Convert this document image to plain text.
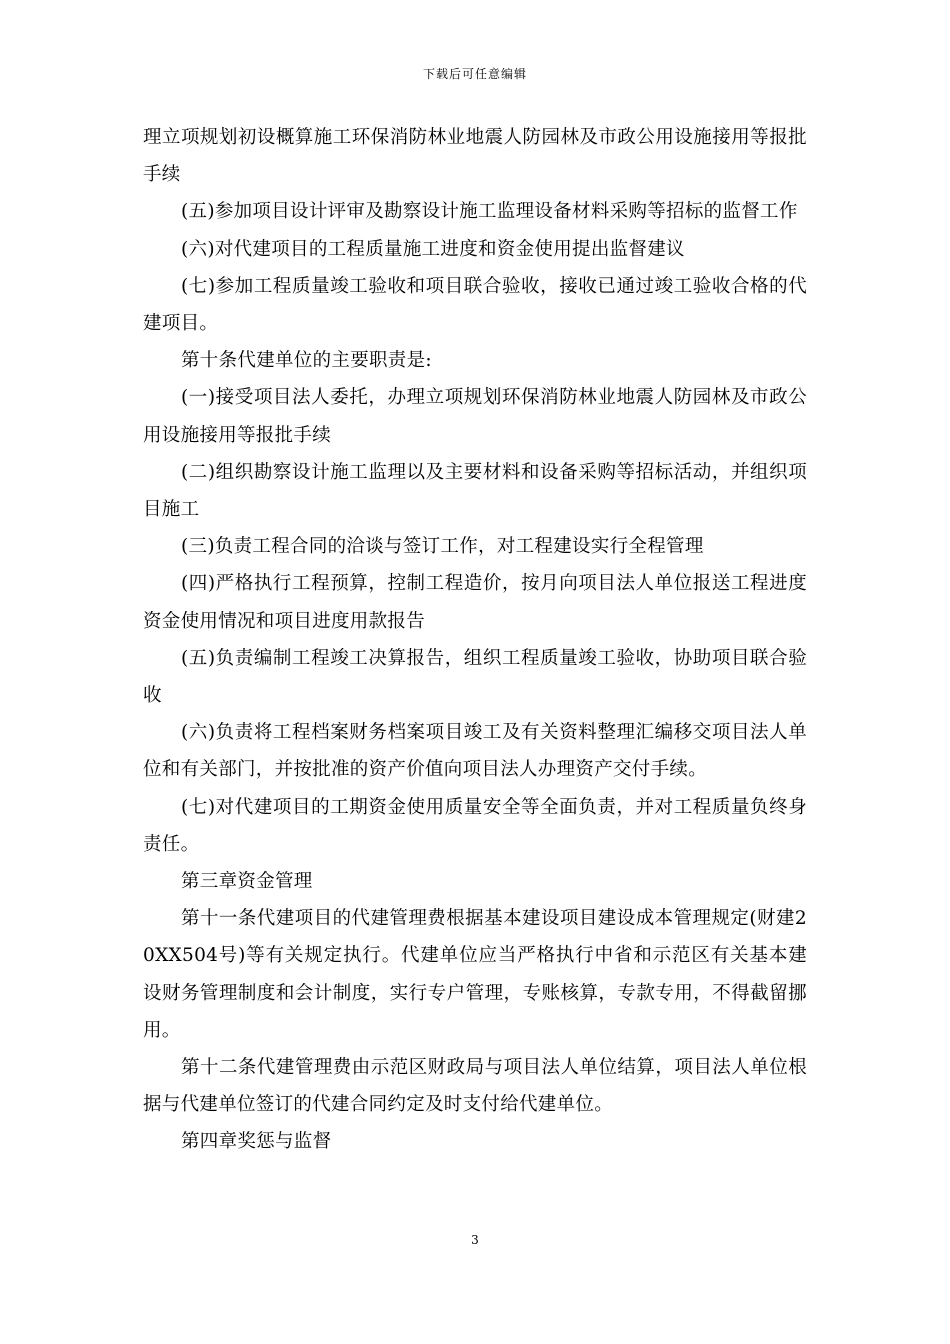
下载后可任意编辑

理立项规划初设概算施工环保消防林业地震人防园林及市政公用设施接用等报批手续

(五)参加项目设计评审及勘察设计施工监理设备材料采购等招标的监督工作

(六)对代建项目的工程质量施工进度和资金使用提出监督建议

(七)参加工程质量竣工验收和项目联合验收，接收已通过竣工验收合格的代建项目。

第十条代建单位的主要职责是:

(一)接受项目法人委托，办理立项规划环保消防林业地震人防园林及市政公用设施接用等报批手续

(二)组织勘察设计施工监理以及主要材料和设备采购等招标活动，并组织项目施工

(三)负责工程合同的洽谈与签订工作，对工程建设实行全程管理

(四)严格执行工程预算，控制工程造价，按月向项目法人单位报送工程进度资金使用情况和项目进度用款报告

(五)负责编制工程竣工决算报告，组织工程质量竣工验收，协助项目联合验收

(六)负责将工程档案财务档案项目竣工及有关资料整理汇编移交项目法人单位和有关部门，并按批准的资产价值向项目法人办理资产交付手续。

(七)对代建项目的工期资金使用质量安全等全面负责，并对工程质量负终身责任。

第三章资金管理

第十一条代建项目的代建管理费根据基本建设项目建设成本管理规定(财建20XX504号)等有关规定执行。代建单位应当严格执行中省和示范区有关基本建设财务管理制度和会计制度，实行专户管理，专账核算，专款专用，不得截留挪用。

第十二条代建管理费由示范区财政局与项目法人单位结算，项目法人单位根据与代建单位签订的代建合同约定及时支付给代建单位。

第四章奖惩与监督

3
